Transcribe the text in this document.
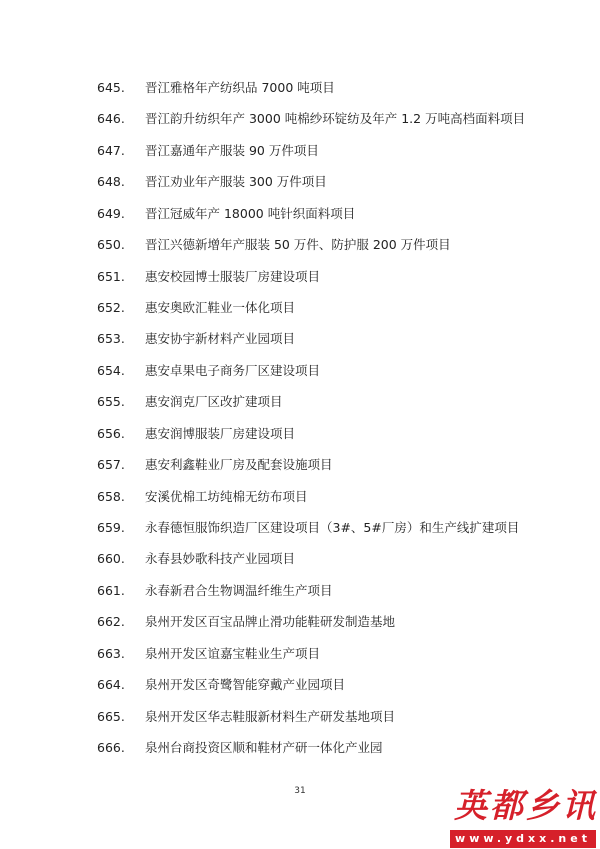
645. 晋江雅格年产纺织品 7000 吨项目
646. 晋江韵升纺织年产 3000 吨棉纱环锭纺及年产 1.2 万吨高档面料项目
647. 晋江嘉通年产服装 90 万件项目
648. 晋江劝业年产服装 300 万件项目
649. 晋江冠威年产 18000 吨针织面料项目
650. 晋江兴德新增年产服装 50 万件、防护服 200 万件项目
651. 惠安校园博士服装厂房建设项目
652. 惠安奥欧汇鞋业一体化项目
653. 惠安协宇新材料产业园项目
654. 惠安卓果电子商务厂区建设项目
655. 惠安润克厂区改扩建项目
656. 惠安润博服装厂房建设项目
657. 惠安利鑫鞋业厂房及配套设施项目
658. 安溪优棉工坊纯棉无纺布项目
659. 永春德恒服饰织造厂区建设项目（3#、5#厂房）和生产线扩建项目
660. 永春县妙歌科技产业园项目
661. 永春新君合生物调温纤维生产项目
662. 泉州开发区百宝品牌止滑功能鞋研发制造基地
663. 泉州开发区谊嘉宝鞋业生产项目
664. 泉州开发区奇鹭智能穿戴产业园项目
665. 泉州开发区华志鞋服新材料生产研发基地项目
666. 泉州台商投资区顺和鞋材产研一体化产业园
31	英都乡讯
www.ydxx.net
